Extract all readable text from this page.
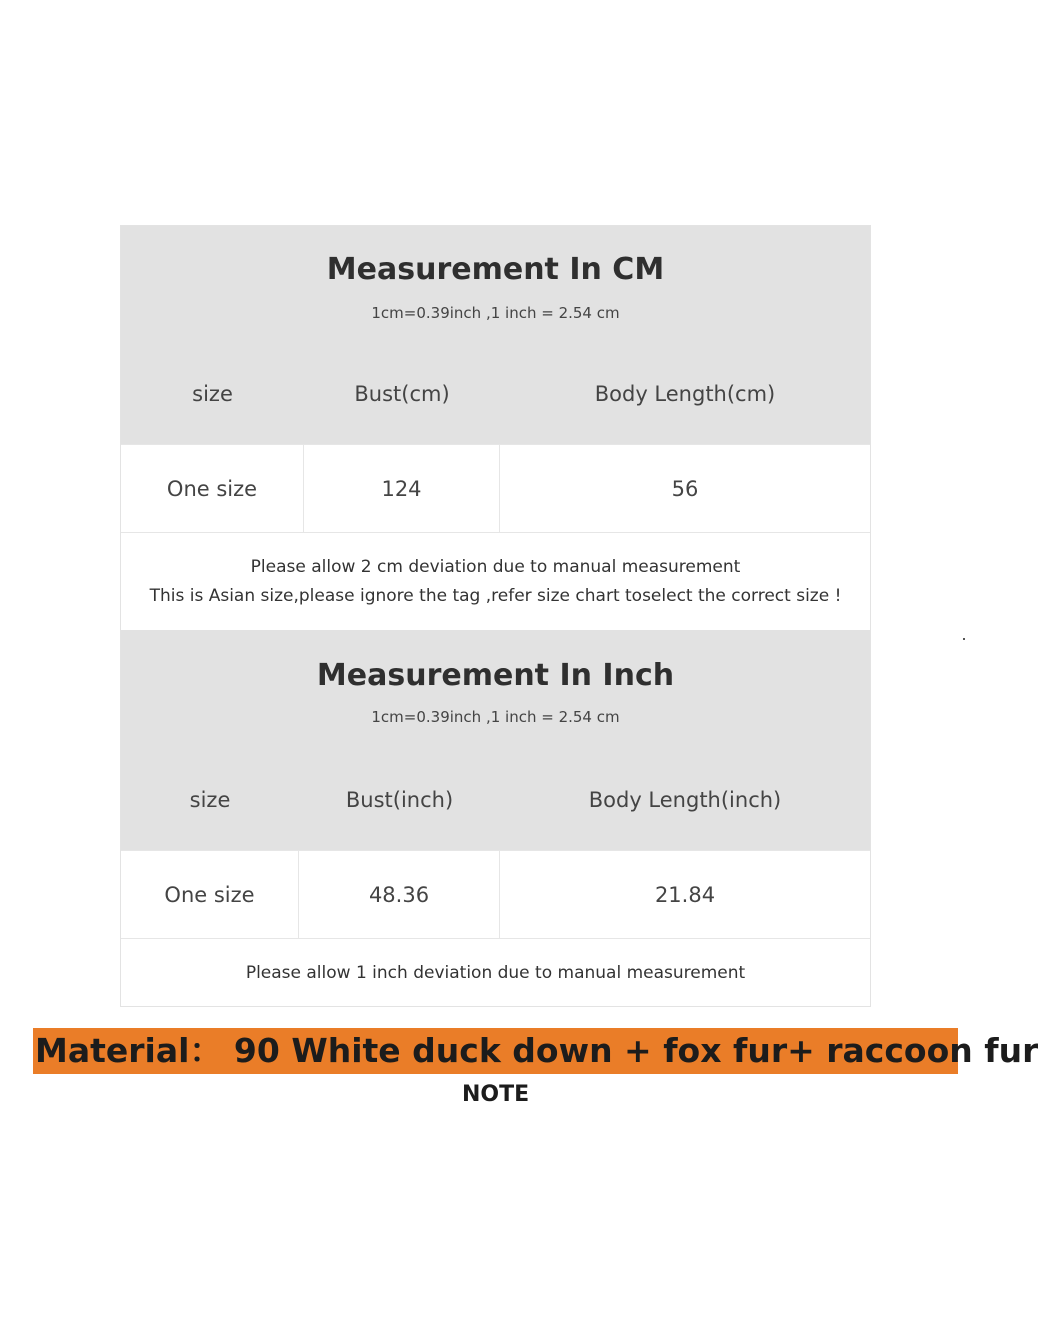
Measurement In CM
1cm=0.39inch ,1 inch = 2.54 cm
size	Bust(cm)	Body Length(cm)
One size	124	56
Please allow 2 cm deviation due to manual measurement
This is Asian size,please ignore the tag ,refer size chart toselect the correct size !
Measurement In Inch
1cm=0.39inch ,1 inch = 2.54 cm
size	Bust(inch)	Body Length(inch)
One size	48.36	21.84
Please allow 1 inch deviation due to manual measurement
Material： 90 White duck down + fox fur+ raccoon fur
NOTE
